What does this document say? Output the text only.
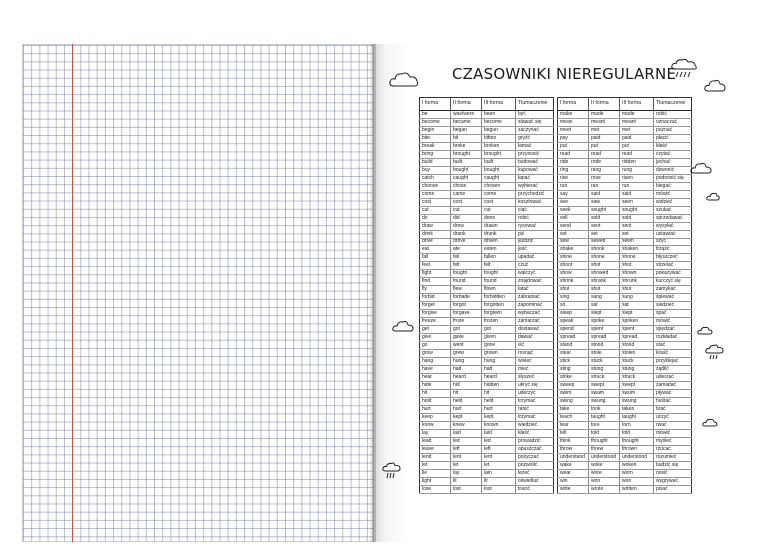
CZASOWNIKI NIEREGULARNE
I forma	II forma	III forma	Tłumaczenie
be	was/were	been	być
become	became	become	stawać się
begin	began	begun	zaczynać
bite	bit	bitten	gryźć
break	broke	broken	łamać
bring	brought	brought	przynosić
build	built	built	budować
buy	bought	bought	kupować
catch	caught	caught	łapać
choose	chose	chosen	wybierać
come	came	come	przychodzić
cost	cost	cost	kosztować
cut	cut	cut	ciąć
do	did	done	robić
draw	drew	drawn	rysować
drink	drank	drunk	pić
drive	drove	driven	jeździć
eat	ate	eaten	jeść
fall	fell	fallen	upadać
feel	felt	felt	czuć
fight	fought	fought	walczyć
find	found	found	znajdować
fly	flew	flown	latać
forbid	forbade	forbidden	zabraniać
forget	forgot	forgotten	zapominać
forgive	forgave	forgiven	wybaczać
freeze	froze	frozen	zamarzać
get	got	got	dostawać
give	gave	given	dawać
go	went	gone	iść
grow	grew	grown	rosnąć
hang	hung	hung	wisieć
have	had	had	mieć
hear	heard	heard	słyszeć
hide	hid	hidden	ukryć się
hit	hit	hit	uderzyć
hold	held	held	trzymać
hurt	hurt	hurt	ranić
keep	kept	kept	trzymać
know	knew	known	wiedzieć
lay	laid	laid	kłaść
lead	led	led	prowadzić
leave	left	left	opuszczać
lend	lent	lent	pożyczać
let	let	let	pozwolić
lie	lay	lain	leżeć
light	lit	lit	oświetlać
lose	lost	lost	tracić
I forma	II forma	III forma	Tłumaczenie
make	made	made	robić
mean	meant	meant	oznaczać
meet	met	met	poznać
pay	paid	paid	płacić
put	put	put	kłaść
read	read	read	czytać
ride	rode	ridden	jechać
ring	rang	rung	dzwonić
rise	rose	risen	podnosić się
run	ran	run	biegać
say	said	said	mówić
see	saw	seen	widzieć
seek	sought	sought	szukać
sell	sold	sold	sprzedawać
send	sent	sent	wysyłać
set	set	set	ustawiać
sew	sewed	sewn	szyć
shake	shook	shaken	trząść
shine	shone	shone	błyszczeć
shoot	shot	shot	strzelać
show	showed	shown	pokazywać
shrink	shrank	shrunk	kurczyć się
shut	shut	shut	zamykać
sing	sang	sung	śpiewać
sit	sat	sat	siedzieć
sleep	slept	slept	spać
speak	spoke	spoken	mówić
spend	spent	spent	spędzać
spread	spread	spread	rozkładać
stand	stood	stood	stać
steal	stole	stolen	kraść
stick	stuck	stuck	przyklejać
sting	stung	stung	żądlić
strike	struck	struck	uderzać
sweep	swept	swept	zamiatać
swim	swam	swum	pływać
swing	swung	swung	huśtać
take	took	taken	brać
teach	taught	taught	uczyć
tear	tore	torn	rwać
tell	told	told	mówić
think	thought	thought	myśleć
throw	threw	thrown	rzucać
understand	understood	understood	rozumieć
wake	woke	woken	budzić się
wear	wore	worn	nosić
win	won	won	wygrywać
write	wrote	written	pisać
